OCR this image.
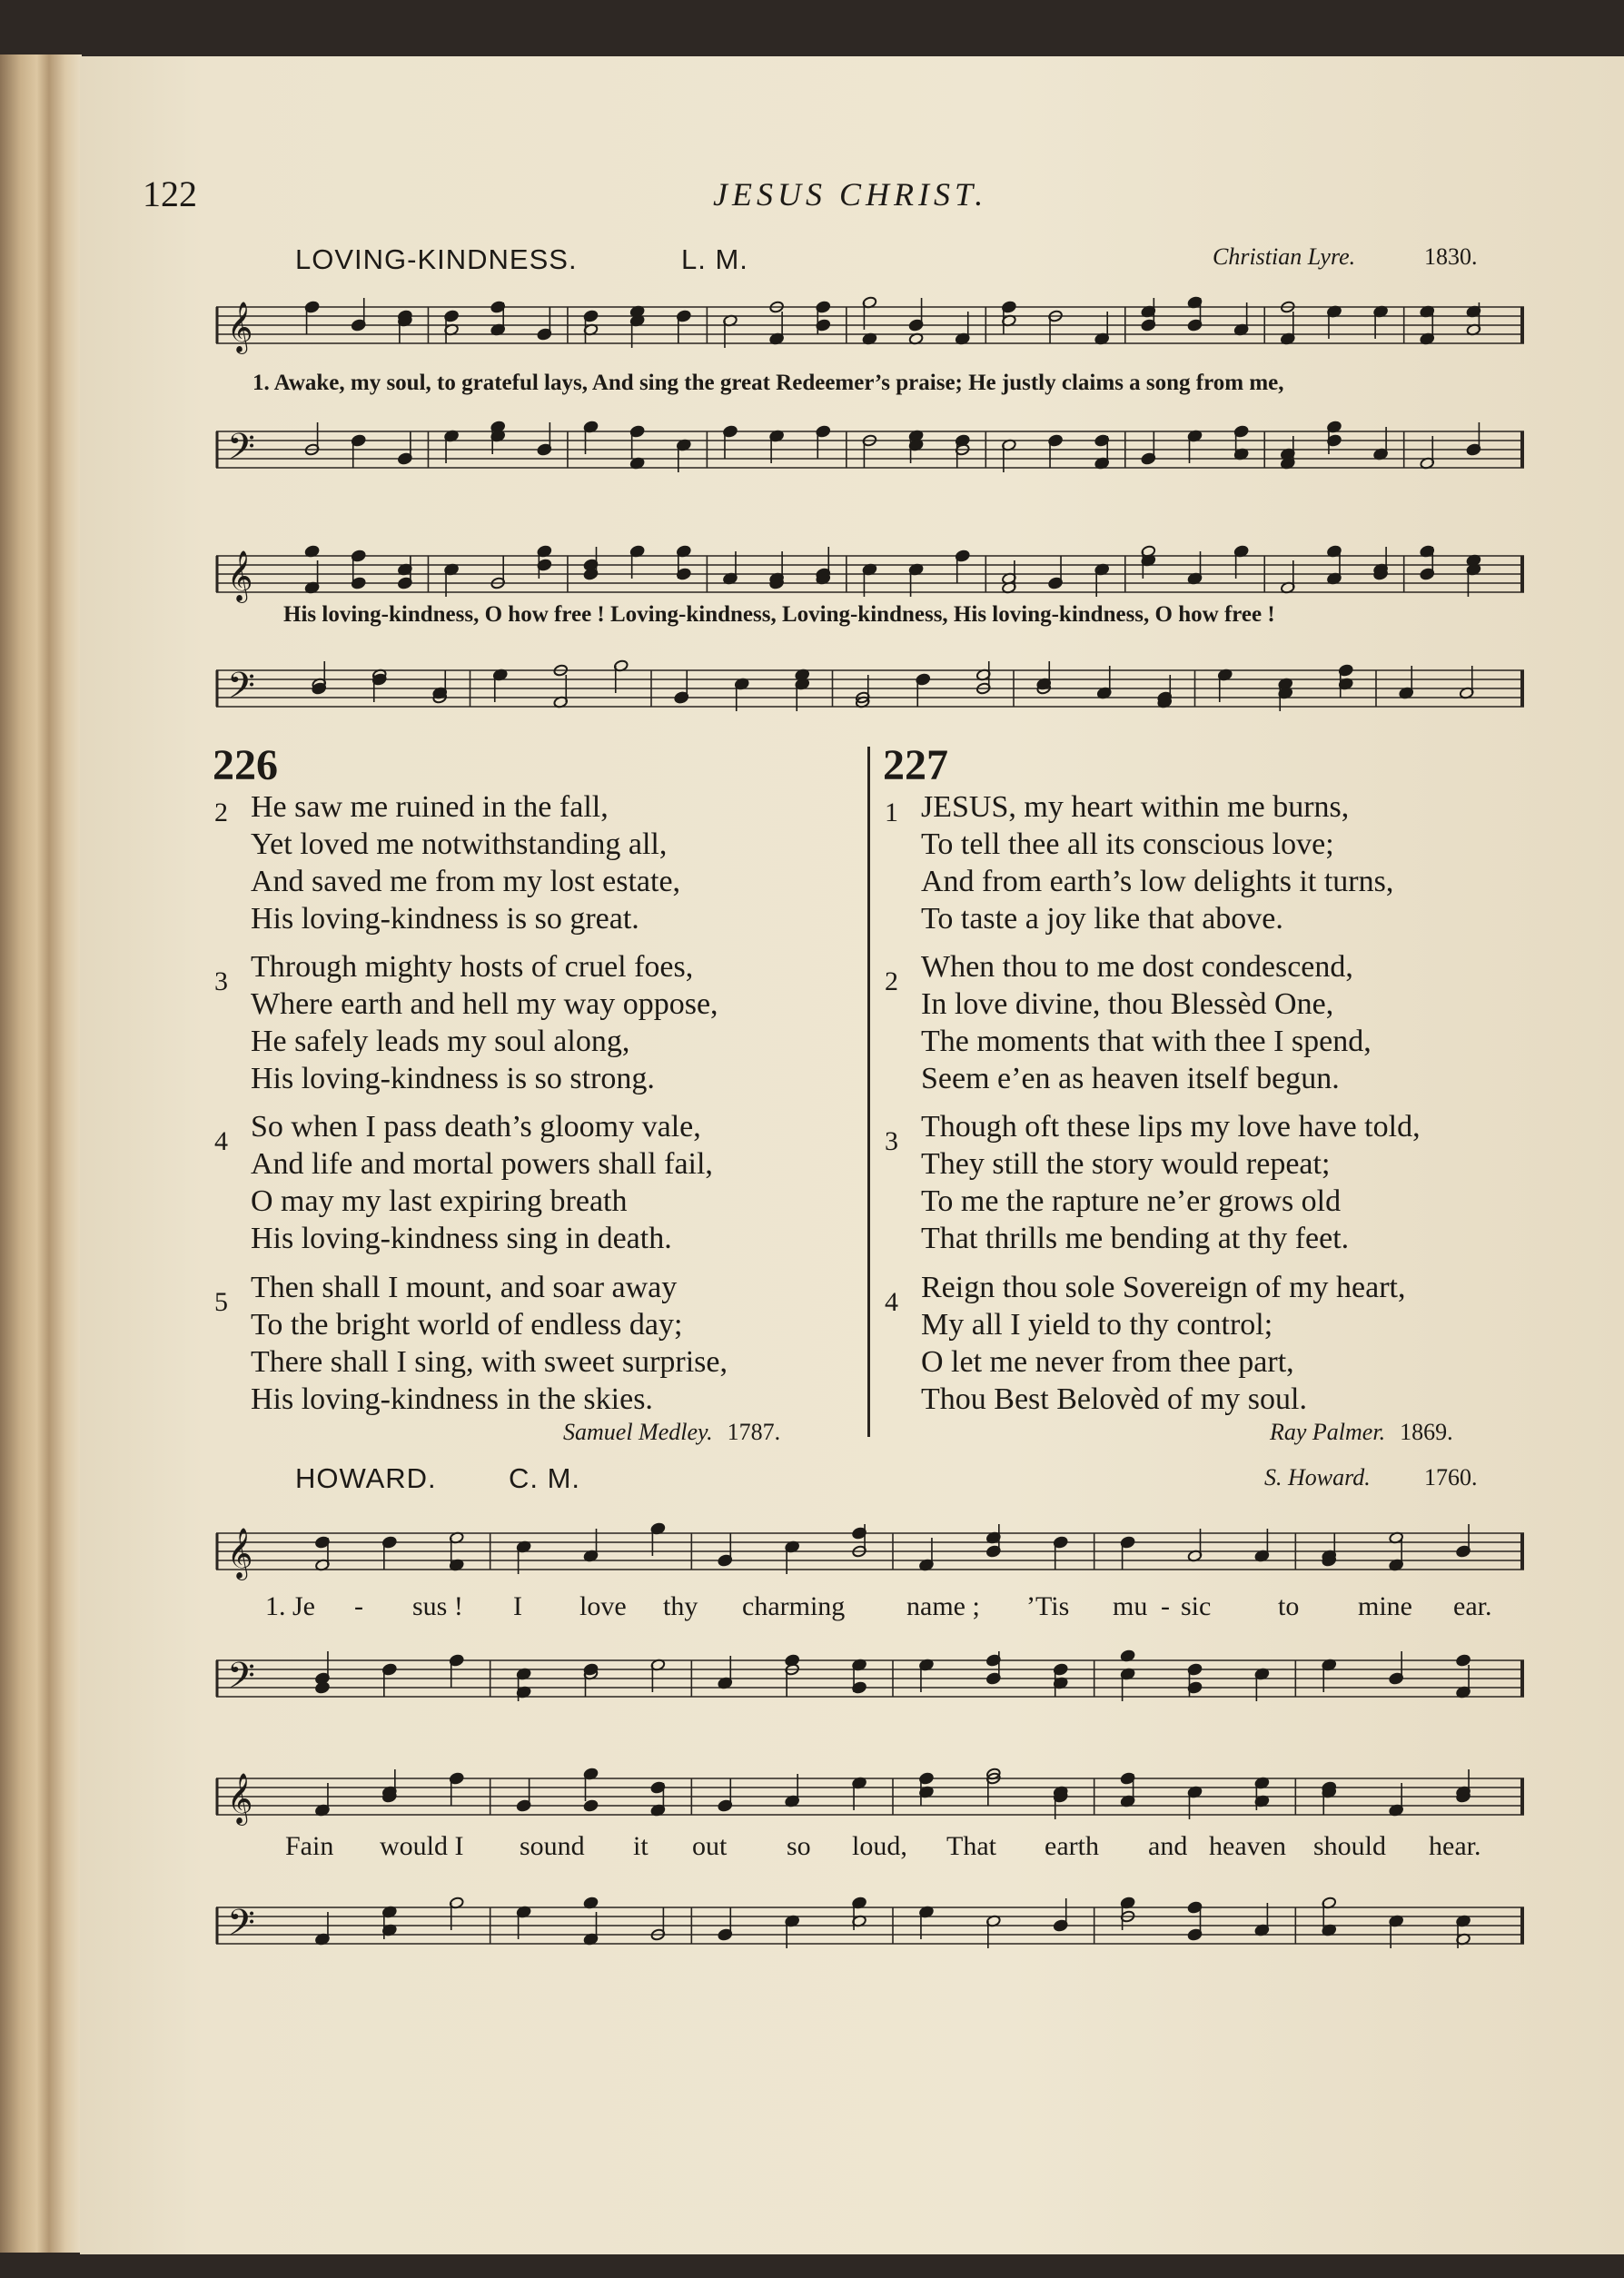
122	JESUS CHRIST.
LOVING-KINDNESS.	L. M.	Christian Lyre.	1830.
𝄞
1. Awake, my soul, to grateful lays, And sing the great Redeemer’s praise; He justly claims a song from me,
𝄢
𝄞
His loving-kindness, O how free ! Loving-kindness, Loving-kindness, His loving-kindness, O how free !
𝄢
226
2 He saw me ruined in the fall,
Yet loved me notwithstanding all,
And saved me from my lost estate,
His loving-kindness is so great.
3 Through mighty hosts of cruel foes,
Where earth and hell my way oppose,
He safely leads my soul along,
His loving-kindness is so strong.
4 So when I pass death’s gloomy vale,
And life and mortal powers shall fail,
O may my last expiring breath
His loving-kindness sing in death.
5 Then shall I mount, and soar away
To the bright world of endless day;
There shall I sing, with sweet surprise,
His loving-kindness in the skies.
Samuel Medley. 1787.
227
1 JESUS, my heart within me burns,
To tell thee all its conscious love;
And from earth’s low delights it turns,
To taste a joy like that above.
2 When thou to me dost condescend,
In love divine, thou Blessèd One,
The moments that with thee I spend,
Seem e’en as heaven itself begun.
3 Though oft these lips my love have told,
They still the story would repeat;
To me the rapture ne’er grows old
That thrills me bending at thy feet.
4 Reign thou sole Sovereign of my heart,
My all I yield to thy control;
O let me never from thee part,
Thou Best Belovèd of my soul.
Ray Palmer. 1869.
HOWARD.	C. M.	S. Howard. 1760.
𝄞
1. Je - sus ! I love thy charming name ; ’Tis mu - sic to mine ear.
𝄢
𝄞
Fain would I sound it out so loud, That earth and heaven should hear.
𝄢
